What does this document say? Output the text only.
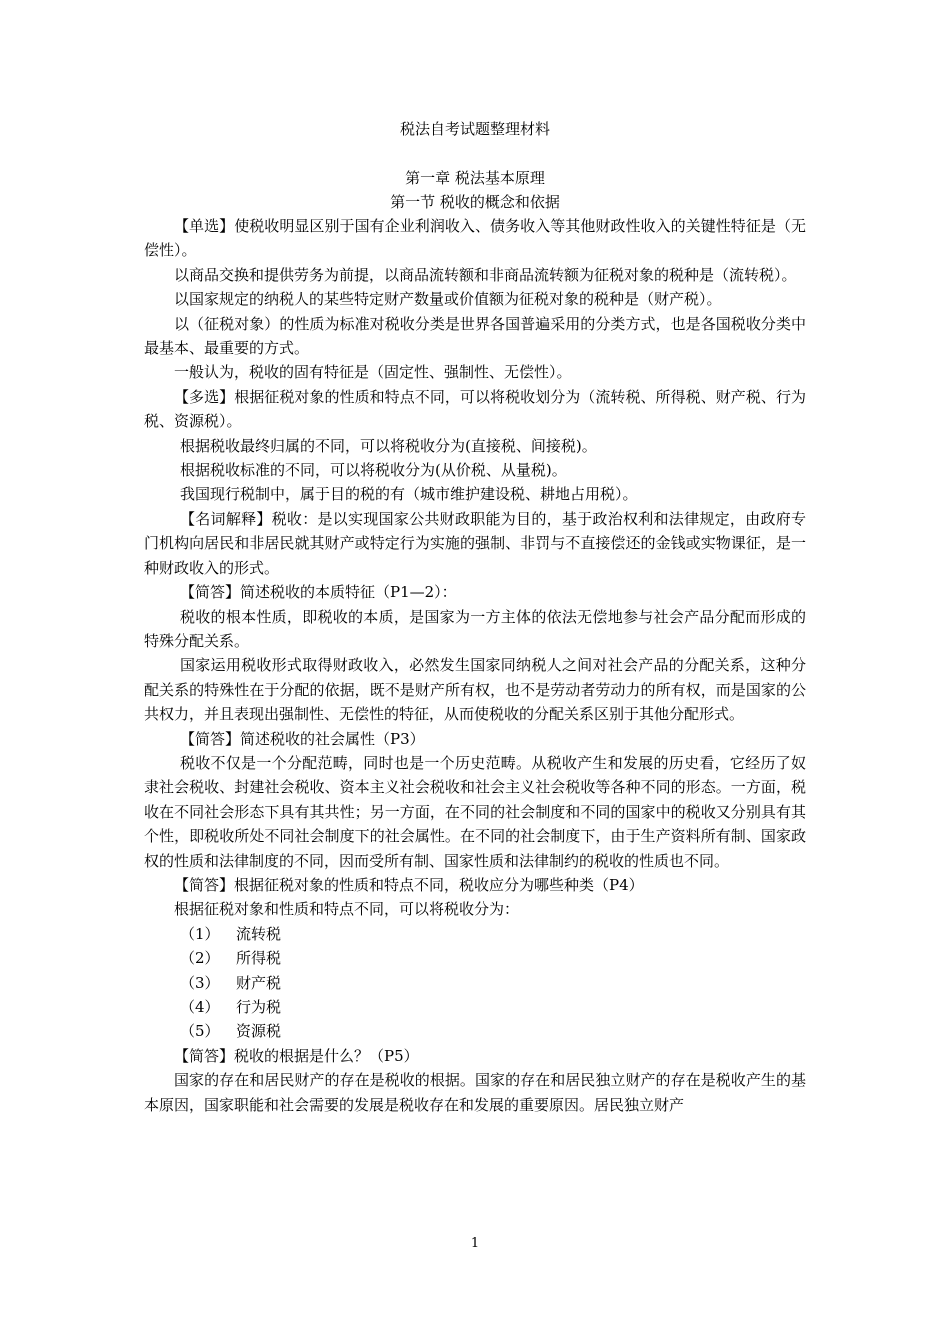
税法自考试题整理材料
第一章 税法基本原理
第一节 税收的概念和依据

【单选】使税收明显区别于国有企业利润收入、债务收入等其他财政性收入的关键性特征是（无偿性）。

以商品交换和提供劳务为前提，以商品流转额和非商品流转额为征税对象的税种是（流转税）。

以国家规定的纳税人的某些特定财产数量或价值额为征税对象的税种是（财产税）。

以（征税对象）的性质为标准对税收分类是世界各国普遍采用的分类方式，也是各国税收分类中最基本、最重要的方式。

一般认为，税收的固有特征是（固定性、强制性、无偿性）。

【多选】根据征税对象的性质和特点不同，可以将税收划分为（流转税、所得税、财产税、行为税、资源税）。

根据税收最终归属的不同，可以将税收分为(直接税、间接税)。

根据税收标准的不同，可以将税收分为(从价税、从量税)。

我国现行税制中，属于目的税的有（城市维护建设税、耕地占用税）。

【名词解释】税收：是以实现国家公共财政职能为目的，基于政治权利和法律规定，由政府专门机构向居民和非居民就其财产或特定行为实施的强制、非罚与不直接偿还的金钱或实物课征，是一种财政收入的形式。

【简答】简述税收的本质特征（P1—2）：

税收的根本性质，即税收的本质，是国家为一方主体的依法无偿地参与社会产品分配而形成的特殊分配关系。

国家运用税收形式取得财政收入，必然发生国家同纳税人之间对社会产品的分配关系，这种分配关系的特殊性在于分配的依据，既不是财产所有权，也不是劳动者劳动力的所有权，而是国家的公共权力，并且表现出强制性、无偿性的特征，从而使税收的分配关系区别于其他分配形式。

【简答】简述税收的社会属性（P3）

税收不仅是一个分配范畴，同时也是一个历史范畴。从税收产生和发展的历史看，它经历了奴隶社会税收、封建社会税收、资本主义社会税收和社会主义社会税收等各种不同的形态。一方面，税收在不同社会形态下具有其共性；另一方面，在不同的社会制度和不同的国家中的税收又分别具有其个性，即税收所处不同社会制度下的社会属性。在不同的社会制度下，由于生产资料所有制、国家政权的性质和法律制度的不同，因而受所有制、国家性质和法律制约的税收的性质也不同。

【简答】根据征税对象的性质和特点不同，税收应分为哪些种类（P4）

根据征税对象和性质和特点不同，可以将税收分为：

（1） 流转税

（2） 所得税

（3） 财产税

（4） 行为税

（5） 资源税

【简答】税收的根据是什么？（P5）

国家的存在和居民财产的存在是税收的根据。国家的存在和居民独立财产的存在是税收产生的基本原因，国家职能和社会需要的发展是税收存在和发展的重要原因。居民独立财产

1
